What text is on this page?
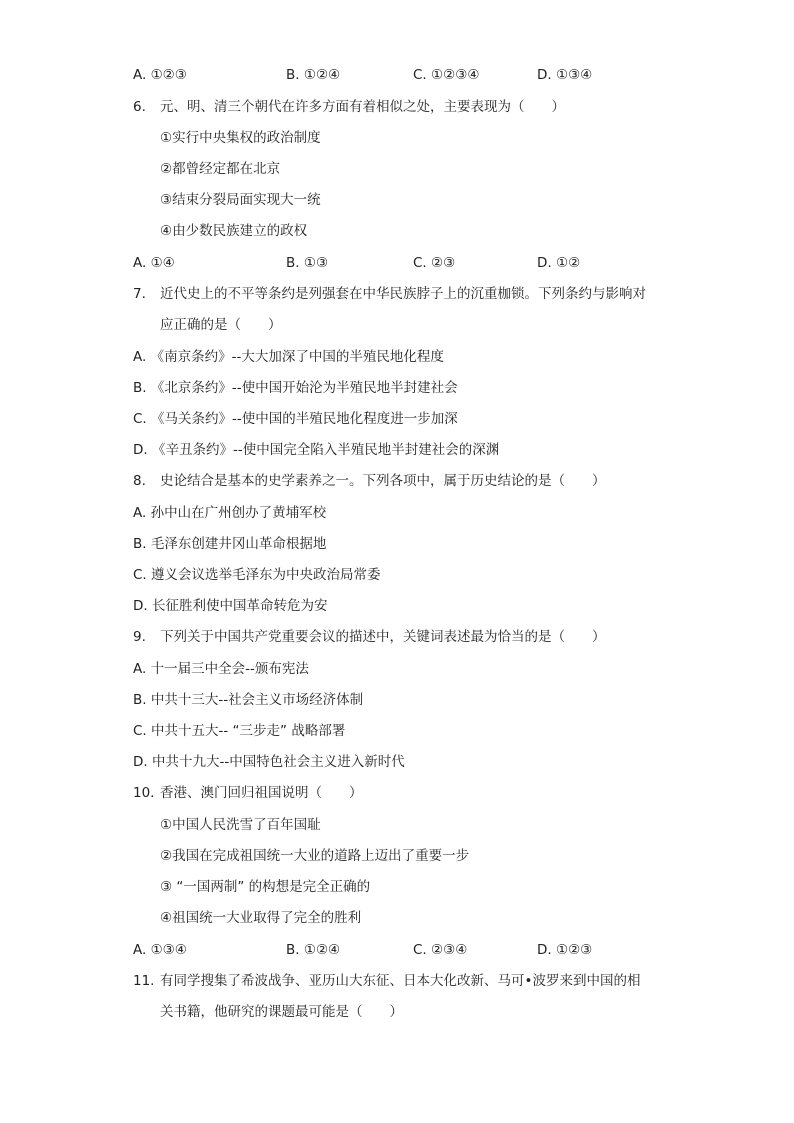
A. ①②③	B. ①②④	C. ①②③④	D. ①③④
6. 元、明、清三个朝代在许多方面有着相似之处，主要表现为（　　）
①实行中央集权的政治制度
②都曾经定都在北京
③结束分裂局面实现大一统
④由少数民族建立的政权
A. ①④	B. ①③	C. ②③	D. ①②
7. 近代史上的不平等条约是列强套在中华民族脖子上的沉重枷锁。下列条约与影响对
应正确的是（　　）
A. 《南京条约》--大大加深了中国的半殖民地化程度
B. 《北京条约》--使中国开始沦为半殖民地半封建社会
C. 《马关条约》--使中国的半殖民地化程度进一步加深
D. 《辛丑条约》--使中国完全陷入半殖民地半封建社会的深渊
8. 史论结合是基本的史学素养之一。下列各项中，属于历史结论的是（　　）
A. 孙中山在广州创办了黄埔军校
B. 毛泽东创建井冈山革命根据地
C. 遵义会议选举毛泽东为中央政治局常委
D. 长征胜利使中国革命转危为安
9. 下列关于中国共产党重要会议的描述中，关键词表述最为恰当的是（　　）
A. 十一届三中全会--颁布宪法
B. 中共十三大--社会主义市场经济体制
C. 中共十五大-- “三步走” 战略部署
D. 中共十九大--中国特色社会主义进入新时代
10. 香港、澳门回归祖国说明（　　）
①中国人民洗雪了百年国耻
②我国在完成祖国统一大业的道路上迈出了重要一步
③ “一国两制” 的构想是完全正确的
④祖国统一大业取得了完全的胜利
A. ①③④	B. ①②④	C. ②③④	D. ①②③
11. 有同学搜集了希波战争、亚历山大东征、日本大化改新、马可•波罗来到中国的相
关书籍，他研究的课题最可能是（　　）
